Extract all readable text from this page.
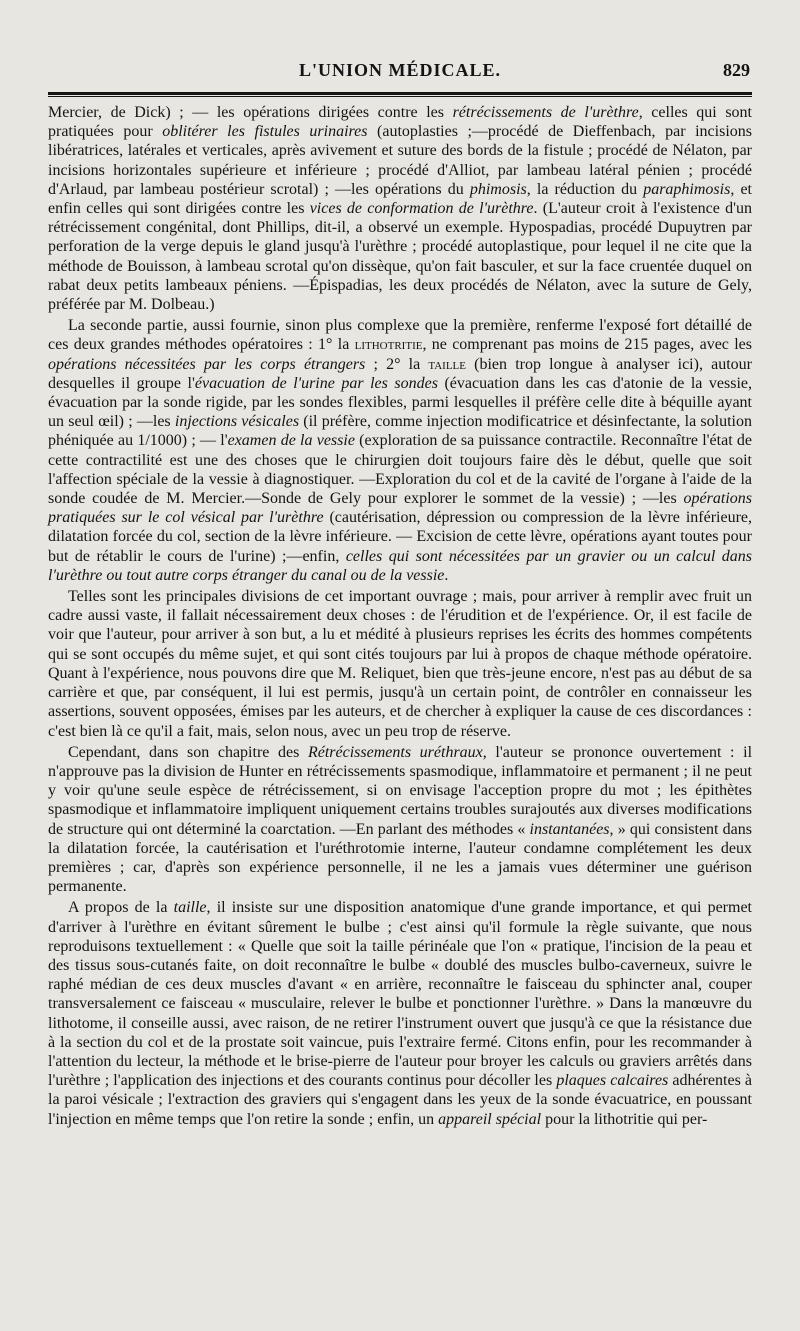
L'UNION MÉDICALE.	829

Mercier, de Dick) ; — les opérations dirigées contre les rétrécissements de l'urèthre, celles qui sont pratiquées pour oblitérer les fistules urinaires (autoplasties ;—procédé de Dieffenbach, par incisions libératrices, latérales et verticales, après avivement et suture des bords de la fistule ; procédé de Nélaton, par incisions horizontales supérieure et inférieure ; procédé d'Alliot, par lambeau latéral pénien ; procédé d'Arlaud, par lambeau postérieur scrotal) ; —les opérations du phimosis, la réduction du paraphimosis, et enfin celles qui sont dirigées contre les vices de conformation de l'urèthre. (L'auteur croit à l'existence d'un rétrécissement congénital, dont Phillips, dit-il, a observé un exemple. Hypospadias, procédé Dupuytren par perforation de la verge depuis le gland jusqu'à l'urèthre ; procédé autoplastique, pour lequel il ne cite que la méthode de Bouisson, à lambeau scrotal qu'on dissèque, qu'on fait basculer, et sur la face cruentée duquel on rabat deux petits lambeaux péniens. —Épispadias, les deux procédés de Nélaton, avec la suture de Gely, préférée par M. Dolbeau.)

La seconde partie, aussi fournie, sinon plus complexe que la première, renferme l'exposé fort détaillé de ces deux grandes méthodes opératoires : 1° la lithotritie, ne comprenant pas moins de 215 pages, avec les opérations nécessitées par les corps étrangers ; 2° la taille (bien trop longue à analyser ici), autour desquelles il groupe l'évacuation de l'urine par les sondes (évacuation dans les cas d'atonie de la vessie, évacuation par la sonde rigide, par les sondes flexibles, parmi lesquelles il préfère celle dite à béquille ayant un seul œil) ; —les injections vésicales (il préfère, comme injection modificatrice et désinfectante, la solution phéniquée au 1/1000) ; — l'examen de la vessie (exploration de sa puissance contractile. Reconnaître l'état de cette contractilité est une des choses que le chirurgien doit toujours faire dès le début, quelle que soit l'affection spéciale de la vessie à diagnostiquer. —Exploration du col et de la cavité de l'organe à l'aide de la sonde coudée de M. Mercier.—Sonde de Gely pour explorer le sommet de la vessie) ; —les opérations pratiquées sur le col vésical par l'urèthre (cautérisation, dépression ou compression de la lèvre inférieure, dilatation forcée du col, section de la lèvre inférieure. — Excision de cette lèvre, opérations ayant toutes pour but de rétablir le cours de l'urine) ;—enfin, celles qui sont nécessitées par un gravier ou un calcul dans l'urèthre ou tout autre corps étranger du canal ou de la vessie.

Telles sont les principales divisions de cet important ouvrage ; mais, pour arriver à remplir avec fruit un cadre aussi vaste, il fallait nécessairement deux choses : de l'érudition et de l'expérience. Or, il est facile de voir que l'auteur, pour arriver à son but, a lu et médité à plusieurs reprises les écrits des hommes compétents qui se sont occupés du même sujet, et qui sont cités toujours par lui à propos de chaque méthode opératoire. Quant à l'expérience, nous pouvons dire que M. Reliquet, bien que très-jeune encore, n'est pas au début de sa carrière et que, par conséquent, il lui est permis, jusqu'à un certain point, de contrôler en connaisseur les assertions, souvent opposées, émises par les auteurs, et de chercher à expliquer la cause de ces discordances : c'est bien là ce qu'il a fait, mais, selon nous, avec un peu trop de réserve.

Cependant, dans son chapitre des Rétrécissements uréthraux, l'auteur se prononce ouvertement : il n'approuve pas la division de Hunter en rétrécissements spasmodique, inflammatoire et permanent ; il ne peut y voir qu'une seule espèce de rétrécissement, si on envisage l'acception propre du mot ; les épithètes spasmodique et inflammatoire impliquent uniquement certains troubles surajoutés aux diverses modifications de structure qui ont déterminé la coarctation. —En parlant des méthodes « instantanées, » qui consistent dans la dilatation forcée, la cautérisation et l'uréthrotomie interne, l'auteur condamne complétement les deux premières ; car, d'après son expérience personnelle, il ne les a jamais vues déterminer une guérison permanente.

A propos de la taille, il insiste sur une disposition anatomique d'une grande importance, et qui permet d'arriver à l'urèthre en évitant sûrement le bulbe ; c'est ainsi qu'il formule la règle suivante, que nous reproduisons textuellement : « Quelle que soit la taille périnéale que l'on « pratique, l'incision de la peau et des tissus sous-cutanés faite, on doit reconnaître le bulbe « doublé des muscles bulbo-caverneux, suivre le raphé médian de ces deux muscles d'avant « en arrière, reconnaître le faisceau du sphincter anal, couper transversalement ce faisceau « musculaire, relever le bulbe et ponctionner l'urèthre. » Dans la manœuvre du lithotome, il conseille aussi, avec raison, de ne retirer l'instrument ouvert que jusqu'à ce que la résistance due à la section du col et de la prostate soit vaincue, puis l'extraire fermé. Citons enfin, pour les recommander à l'attention du lecteur, la méthode et le brise-pierre de l'auteur pour broyer les calculs ou graviers arrêtés dans l'urèthre ; l'application des injections et des courants continus pour décoller les plaques calcaires adhérentes à la paroi vésicale ; l'extraction des graviers qui s'engagent dans les yeux de la sonde évacuatrice, en poussant l'injection en même temps que l'on retire la sonde ; enfin, un appareil spécial pour la lithotritie qui per-
